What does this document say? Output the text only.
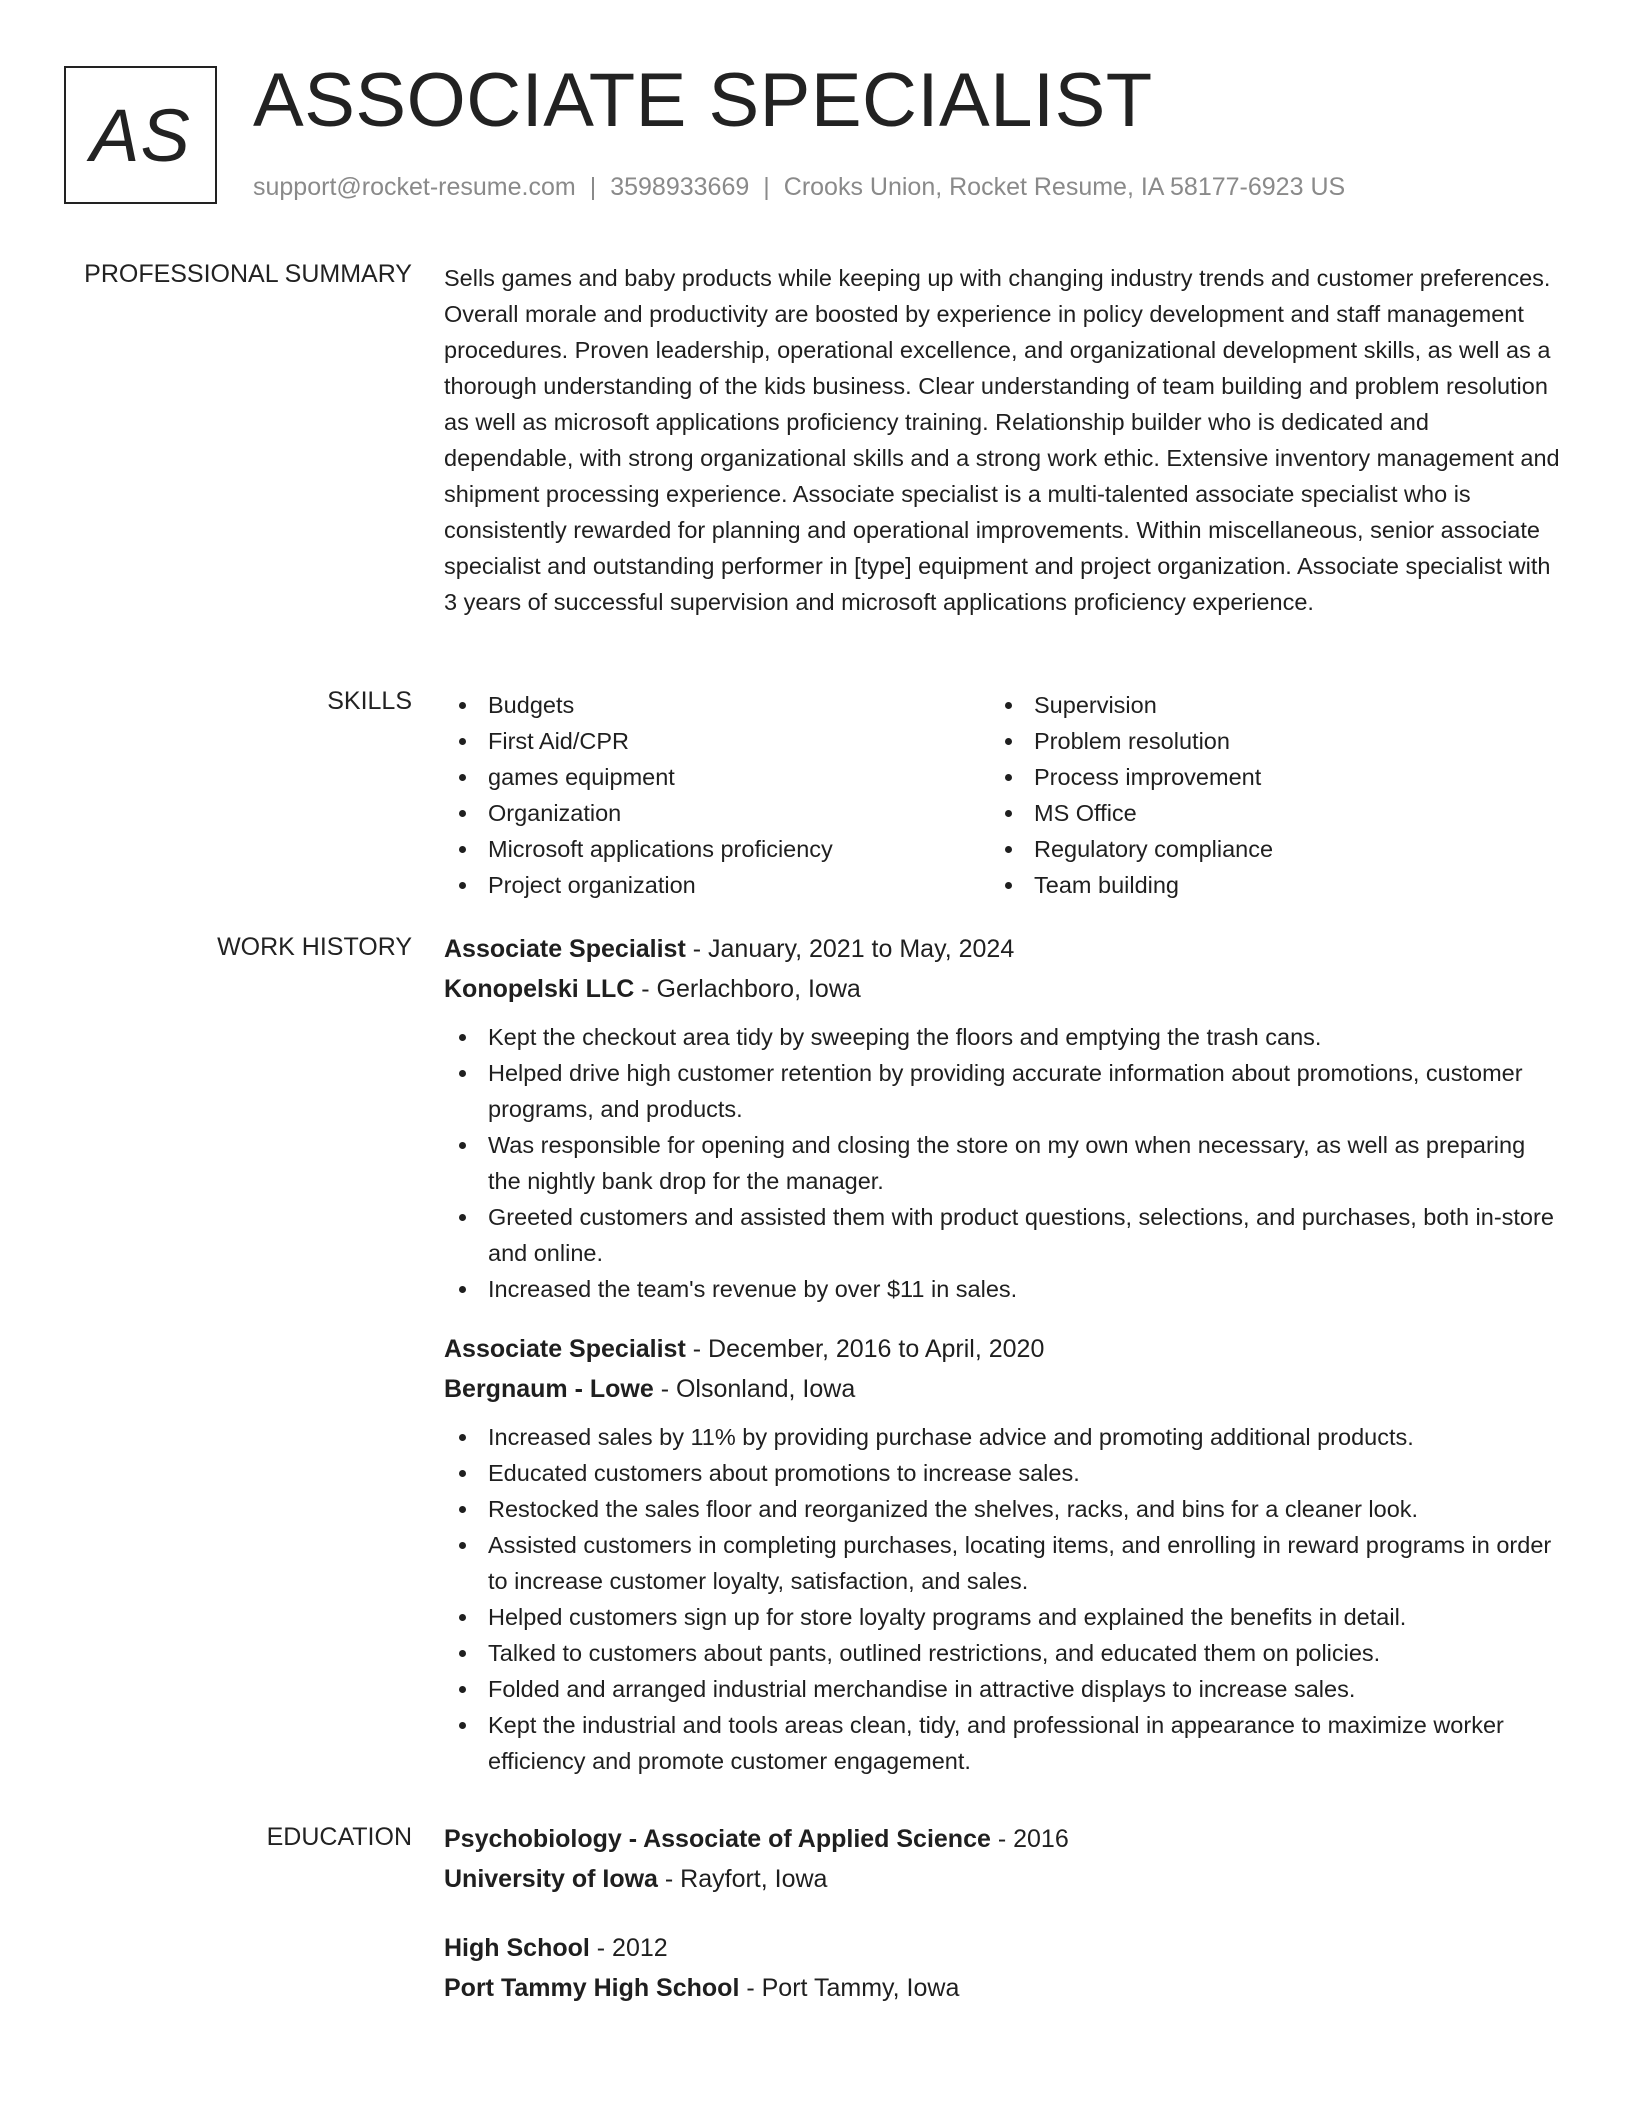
AS ASSOCIATE SPECIALIST
support@rocket-resume.com | 3598933669 | Crooks Union, Rocket Resume, IA 58177-6923 US
PROFESSIONAL SUMMARY Sells games and baby products while keeping up with changing industry trends and customer preferences. Overall morale and productivity are boosted by experience in policy development and staff management procedures. Proven leadership, operational excellence, and organizational development skills, as well as a thorough understanding of the kids business. Clear understanding of team building and problem resolution as well as microsoft applications proficiency training. Relationship builder who is dedicated and dependable, with strong organizational skills and a strong work ethic. Extensive inventory management and shipment processing experience. Associate specialist is a multi-talented associate specialist who is consistently rewarded for planning and operational improvements. Within miscellaneous, senior associate specialist and outstanding performer in [type] equipment and project organization. Associate specialist with 3 years of successful supervision and microsoft applications proficiency experience.

SKILLS	Budgets
First Aid/CPR
games equipment
Organization
Microsoft applications proficiency
Project organization
Supervision
Problem resolution
Process improvement
MS Office
Regulatory compliance
Team building
WORK HISTORY Associate Specialist - January, 2021 to May, 2024
Konopelski LLC - Gerlachboro, Iowa
Kept the checkout area tidy by sweeping the floors and emptying the trash cans.
Helped drive high customer retention by providing accurate information about promotions, customer programs, and products.
Was responsible for opening and closing the store on my own when necessary, as well as preparing the nightly bank drop for the manager.
Greeted customers and assisted them with product questions, selections, and purchases, both in-store and online.
Increased the team's revenue by over $11 in sales.
Associate Specialist - December, 2016 to April, 2020
Bergnaum - Lowe - Olsonland, Iowa
Increased sales by 11% by providing purchase advice and promoting additional products.
Educated customers about promotions to increase sales.
Restocked the sales floor and reorganized the shelves, racks, and bins for a cleaner look.
Assisted customers in completing purchases, locating items, and enrolling in reward programs in order to increase customer loyalty, satisfaction, and sales.
Helped customers sign up for store loyalty programs and explained the benefits in detail.
Talked to customers about pants, outlined restrictions, and educated them on policies.
Folded and arranged industrial merchandise in attractive displays to increase sales.
Kept the industrial and tools areas clean, tidy, and professional in appearance to maximize worker efficiency and promote customer engagement.
EDUCATION Psychobiology - Associate of Applied Science - 2016
University of Iowa - Rayfort, Iowa
High School - 2012
Port Tammy High School - Port Tammy, Iowa
